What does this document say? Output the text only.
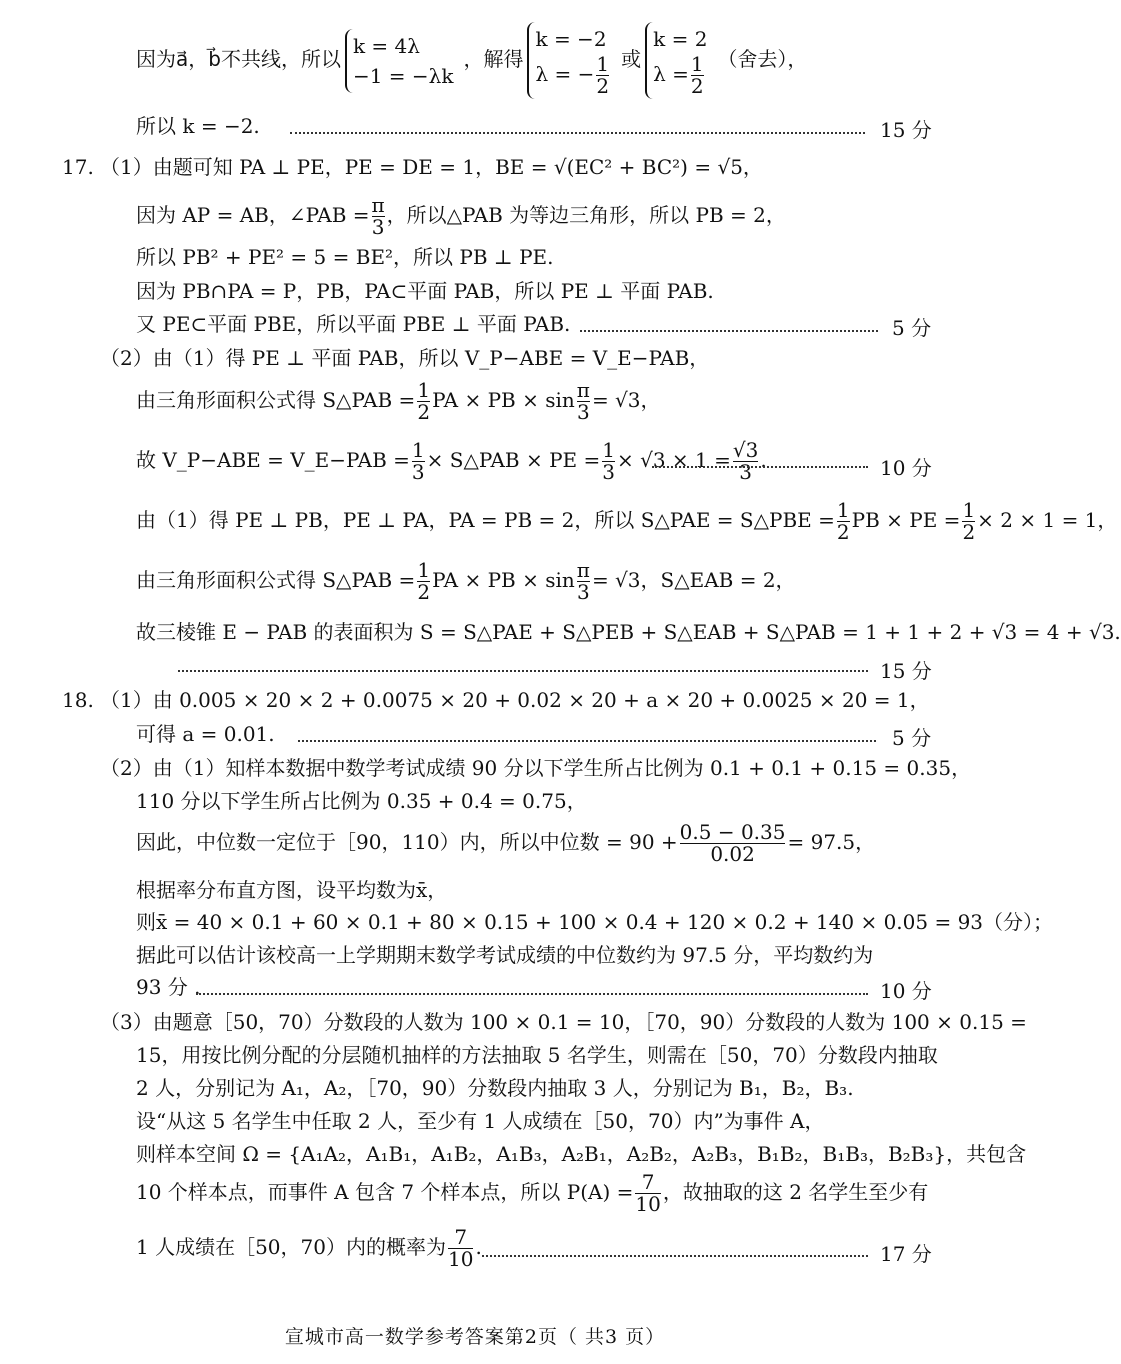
因为a⃗，b⃗不共线，所以
k = 4λ
−1 = −λk
，解得
k = −2
λ = − $\frac{1}{2}$ 或
k = 2
$\lambda = \frac{1}{2}$ （舍去），
所以 k = −2.	15 分
17. （1）由题可知 PA ⊥ PE，PE = DE = 1，BE = √(EC² + BC²) = √5，
因为 AP = AB，∠PAB = $\frac{\pi}{3}$ ，所以△PAB 为等边三角形，所以 PB = 2，
所以 PB² + PE² = 5 = BE²，所以 PB ⊥ PE.
因为 PB∩PA = P，PB，PA⊂平面 PAB，所以 PE ⊥ 平面 PAB.
又 PE⊂平面 PBE，所以平面 PBE ⊥ 平面 PAB.	5 分
（2）由（1）得 PE ⊥ 平面 PAB，所以 V_P−ABE = V_E−PAB，
由三角形面积公式得 S△PAB = $\frac{1}{2}$ PA × PB × $\sin \frac{\pi}{3} = √3$，
故 V_P−ABE = V_E−PAB = $\frac{1}{3}$ × S△PAB × PE = $\frac{1}{3} \times √3 \times 1 = \frac{√3}{3}$ .	10 分
由（1）得 PE ⊥ PB，PE ⊥ PA，PA = PB = 2，所以 S△PAE = S△PBE = $\frac{1}{2}$ PB × PE = $\frac{1}{2} \times 2 \times 1 = 1$，
由三角形面积公式得 S△PAB = $\frac{1}{2}$ PA × PB × $\sin \frac{\pi}{3} = √3$，S△EAB = 2，
故三棱锥 E − PAB 的表面积为 S = S△PAE + S△PEB + S△EAB + S△PAB = 1 + 1 + 2 + √3 = 4 + √3.
15 分
18. （1）由 0.005 × 20 × 2 + 0.0075 × 20 + 0.02 × 20 + a × 20 + 0.0025 × 20 = 1，
可得 a = 0.01.	5 分
（2）由（1）知样本数据中数学考试成绩 90 分以下学生所占比例为 0.1 + 0.1 + 0.15 = 0.35，
110 分以下学生所占比例为 0.35 + 0.4 = 0.75，
因此，中位数一定位于［90，110）内，所以中位数 = $90 + \frac{0.5 - 0.35}{0.02} = 97.5$，
根据率分布直方图，设平均数为x̄，
则x̄ = 40 × 0.1 + 60 × 0.1 + 80 × 0.15 + 100 × 0.4 + 120 × 0.2 + 140 × 0.05 = 93（分）；
据此可以估计该校高一上学期期末数学考试成绩的中位数约为 97.5 分，平均数约为
93 分 .	10 分
（3）由题意［50，70）分数段的人数为 100 × 0.1 = 10，［70，90）分数段的人数为 100 × 0.15 =
15，用按比例分配的分层随机抽样的方法抽取 5 名学生，则需在［50，70）分数段内抽取
2 人，分别记为 A₁，A₂，［70，90）分数段内抽取 3 人，分别记为 B₁，B₂，B₃.
设“从这 5 名学生中任取 2 人，至少有 1 人成绩在［50，70）内”为事件 A，
则样本空间 Ω = {A₁A₂，A₁B₁，A₁B₂，A₁B₃，A₂B₁，A₂B₂，A₂B₃，B₁B₂，B₁B₃，B₂B₃}，共包含
10 个样本点，而事件 A 包含 7 个样本点，所以 $P(A) = \frac{7}{10}$ ，故抽取的这 2 名学生至少有
1 人成绩在［50，70）内的概率为 $\frac{7}{10}$ .	17 分
宣城市高一数学参考答案第2页（ 共3 页）
